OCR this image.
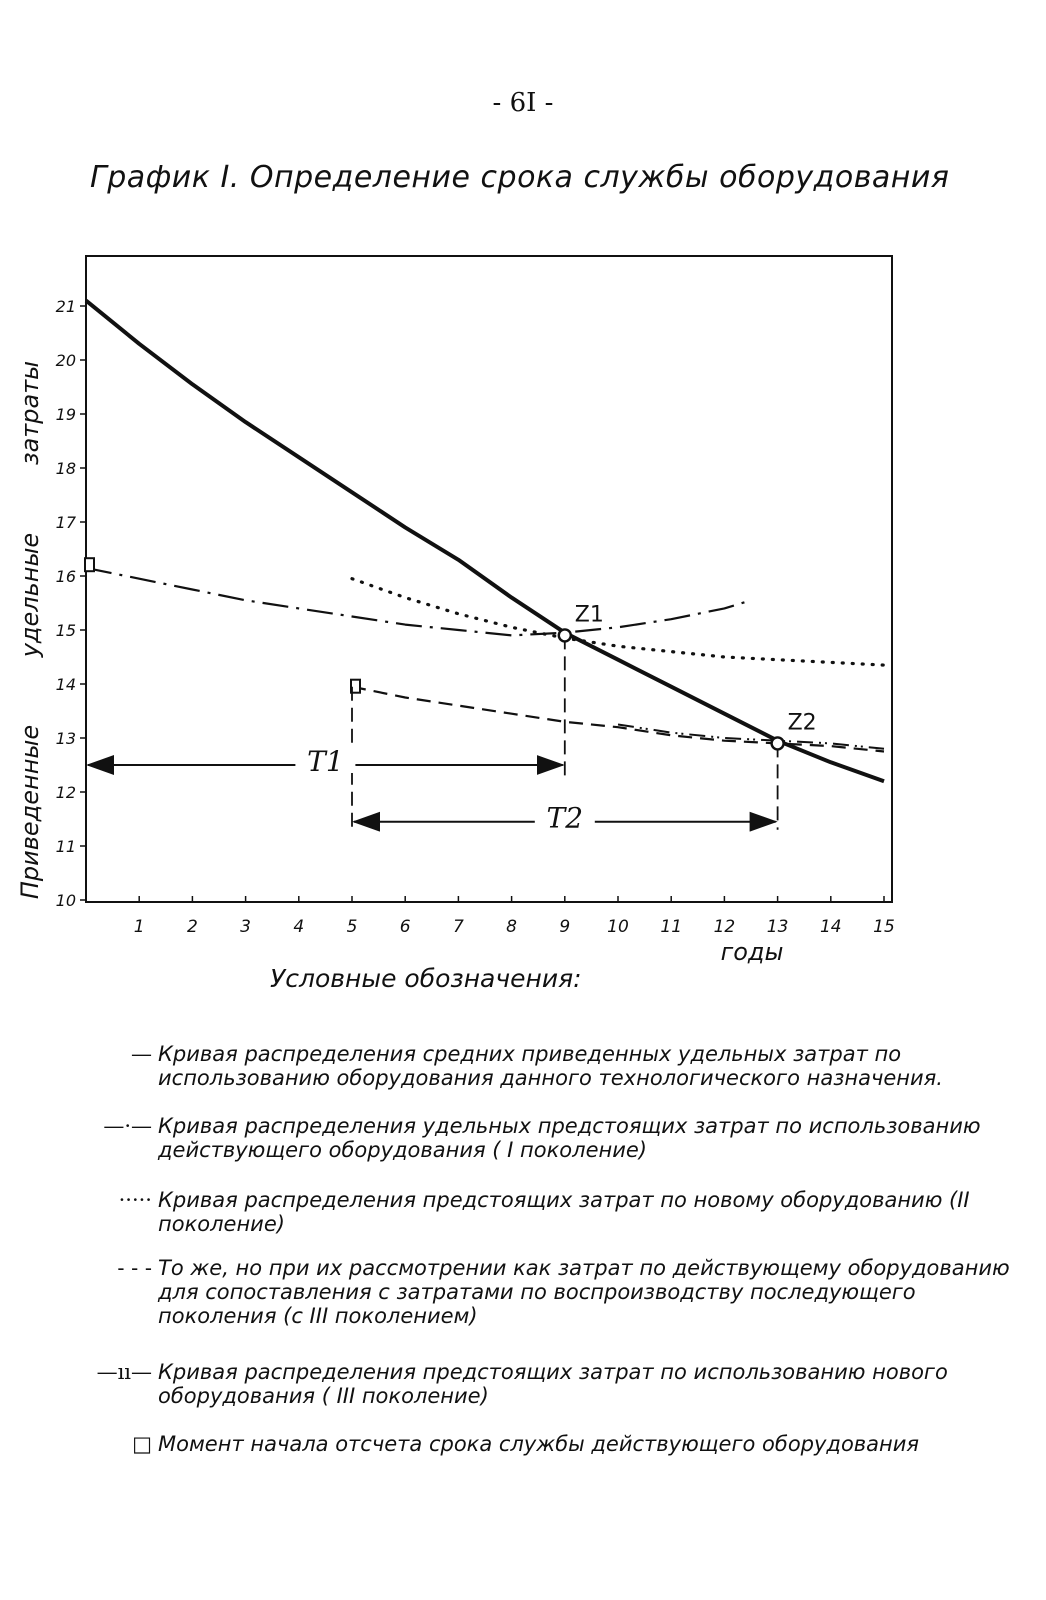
- 6I -
График I. Определение срока службы оборудования
1 2 3 4 5 6 7 8 9 10 11 12 13 14 15
10
11
12
13
14
15
16
17
18
19
20
21
годы
Приведенные удельные затраты	Z1
Z2
T1
T2
Условные обозначения:
— Кривая распределения средних приведенных удельных затрат по использованию оборудования данного технологического назначения.
—·— Кривая распределения удельных предстоящих затрат по использованию действующего оборудования ( I поколение)
····· Кривая распределения предстоящих затрат по новому оборудованию (II поколение)
- - - То же, но при их рассмотрении как затрат по действующему оборудованию для сопоставления с затратами по воспроизводству последующего поколения (с III поколением)
—ıı— Кривая распределения предстоящих затрат по использованию нового оборудования ( III поколение)
□ Момент начала отсчета срока службы действующего оборудования
